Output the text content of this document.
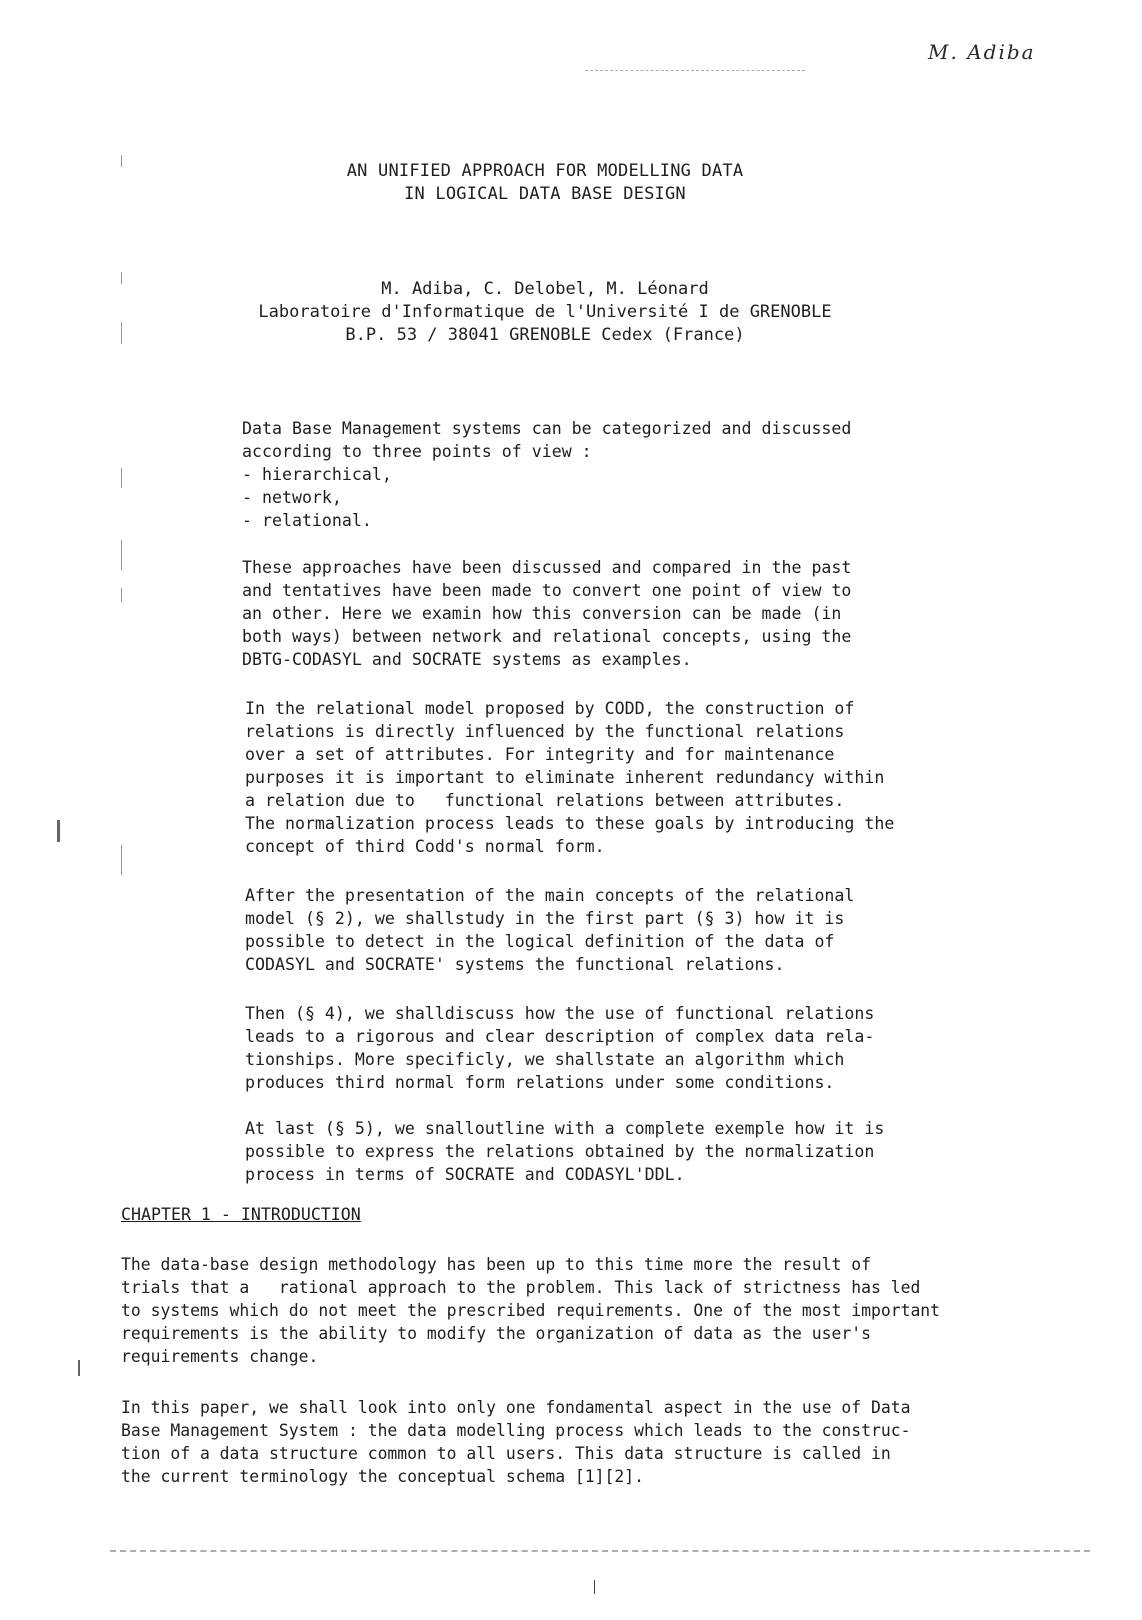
M. Adiba
AN UNIFIED APPROACH FOR MODELLING DATA
IN LOGICAL DATA BASE DESIGN
M. Adiba, C. Delobel, M. Léonard
Laboratoire d'Informatique de l'Université I de GRENOBLE
B.P. 53 / 38041 GRENOBLE Cedex (France)
Data Base Management systems can be categorized and discussed
according to three points of view :
- hierarchical,
- network,
- relational.
These approaches have been discussed and compared in the past
and tentatives have been made to convert one point of view to
an other. Here we examin how this conversion can be made (in
both ways) between network and relational concepts, using the
DBTG-CODASYL and SOCRATE systems as examples.
In the relational model proposed by CODD, the construction of
relations is directly influenced by the functional relations
over a set of attributes. For integrity and for maintenance
purposes it is important to eliminate inherent redundancy within
a relation due to   functional relations between attributes.
The normalization process leads to these goals by introducing the
concept of third Codd's normal form.
After the presentation of the main concepts of the relational
model (§ 2), we shallstudy in the first part (§ 3) how it is
possible to detect in the logical definition of the data of
CODASYL and SOCRATE' systems the functional relations.
Then (§ 4), we shalldiscuss how the use of functional relations
leads to a rigorous and clear description of complex data rela-
tionships. More specificly, we shallstate an algorithm which
produces third normal form relations under some conditions.
At last (§ 5), we snalloutline with a complete exemple how it is
possible to express the relations obtained by the normalization
process in terms of SOCRATE and CODASYL'DDL.
CHAPTER 1 - INTRODUCTION
The data-base design methodology has been up to this time more the result of
trials that a   rational approach to the problem. This lack of strictness has led
to systems which do not meet the prescribed requirements. One of the most important
requirements is the ability to modify the organization of data as the user's
requirements change.
In this paper, we shall look into only one fondamental aspect in the use of Data
Base Management System : the data modelling process which leads to the construc-
tion of a data structure common to all users. This data structure is called in
the current terminology the conceptual schema [1][2].
